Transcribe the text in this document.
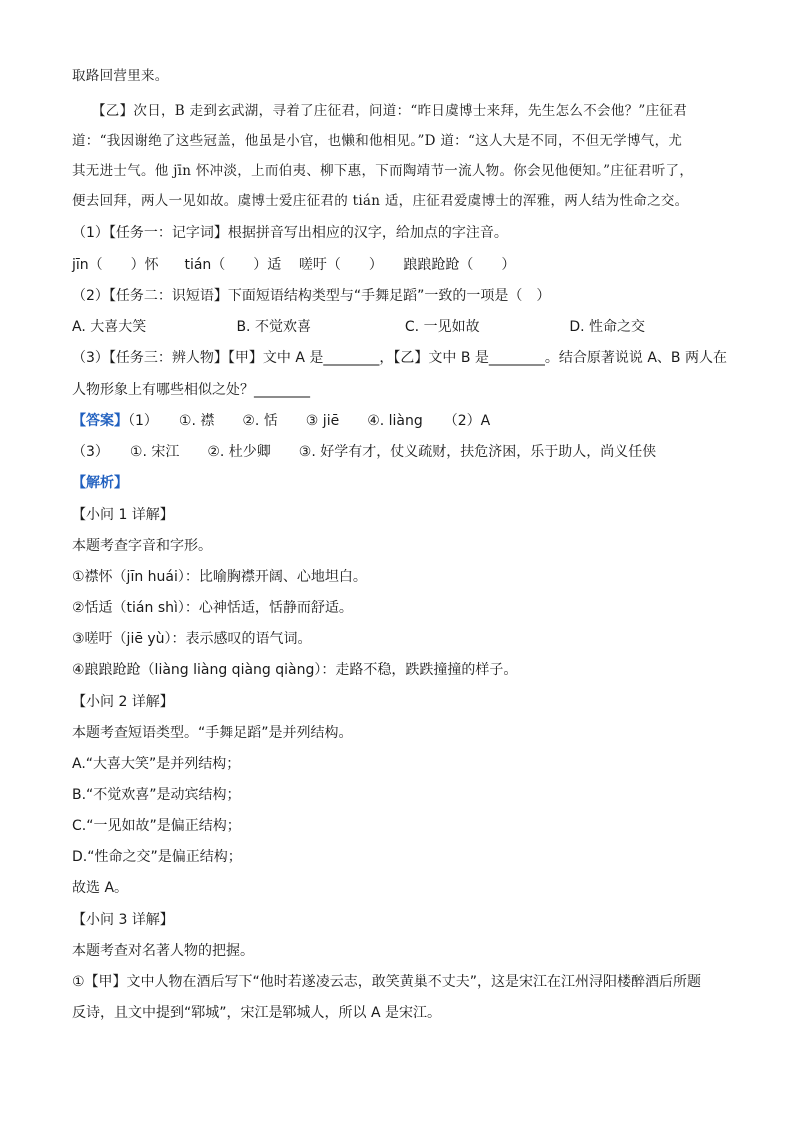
取路回营里来。
【乙】次日，B 走到玄武湖，寻着了庄征君，问道：“昨日虞博士来拜，先生怎么不会他？”庄征君
道：“我因谢绝了这些冠盖，他虽是小官，也懒和他相见。”D 道：“这人大是不同，不但无学博气，尤
其无进士气。他 jīn 怀冲淡，上而伯夷、柳下惠，下而陶靖节一流人物。你会见他便知。”庄征君听了，
便去回拜，两人一见如故。虞博士爱庄征君的 tián 适，庄征君爱虞博士的浑雅，两人结为性命之交。
（1）【任务一：记字词】根据拼音写出相应的汉字，给加点的字注音。
jīn（　　）怀 tián（　　）适 嗟吁（　　） 踉踉跄跄（　　）
（2）【任务二：识短语】下面短语结构类型与“手舞足蹈”一致的一项是（　）
A. 大喜大笑	B. 不觉欢喜	C. 一见如故	D. 性命之交
（3）【任务三：辨人物】【甲】文中 A 是________，【乙】文中 B 是________。结合原著说说 A、B 两人在
人物形象上有哪些相似之处？________
【答案】（1）　　①. 襟　　②. 恬　　③ jiē　　④. liàng　　（2）A
（3）　　①. 宋江　　②. 杜少卿　　③. 好学有才，仗义疏财，扶危济困，乐于助人，尚义任侠
【解析】
【小问 1 详解】
本题考查字音和字形。
①襟怀（jīn huái）：比喻胸襟开阔、心地坦白。
②恬适（tián shì）：心神恬适，恬静而舒适。
③嗟吁（jiē yù）：表示感叹的语气词。
④踉踉跄跄（liàng liàng qiàng qiàng）：走路不稳，跌跌撞撞的样子。
【小问 2 详解】
本题考查短语类型。“手舞足蹈”是并列结构。
A.“大喜大笑”是并列结构；
B.“不觉欢喜”是动宾结构；
C.“一见如故”是偏正结构；
D.“性命之交”是偏正结构；
故选 A。
【小问 3 详解】
本题考查对名著人物的把握。
①【甲】文中人物在酒后写下“他时若遂凌云志，敢笑黄巢不丈夫”，这是宋江在江州浔阳楼醉酒后所题
反诗，且文中提到“郓城”，宋江是郓城人，所以 A 是宋江。
